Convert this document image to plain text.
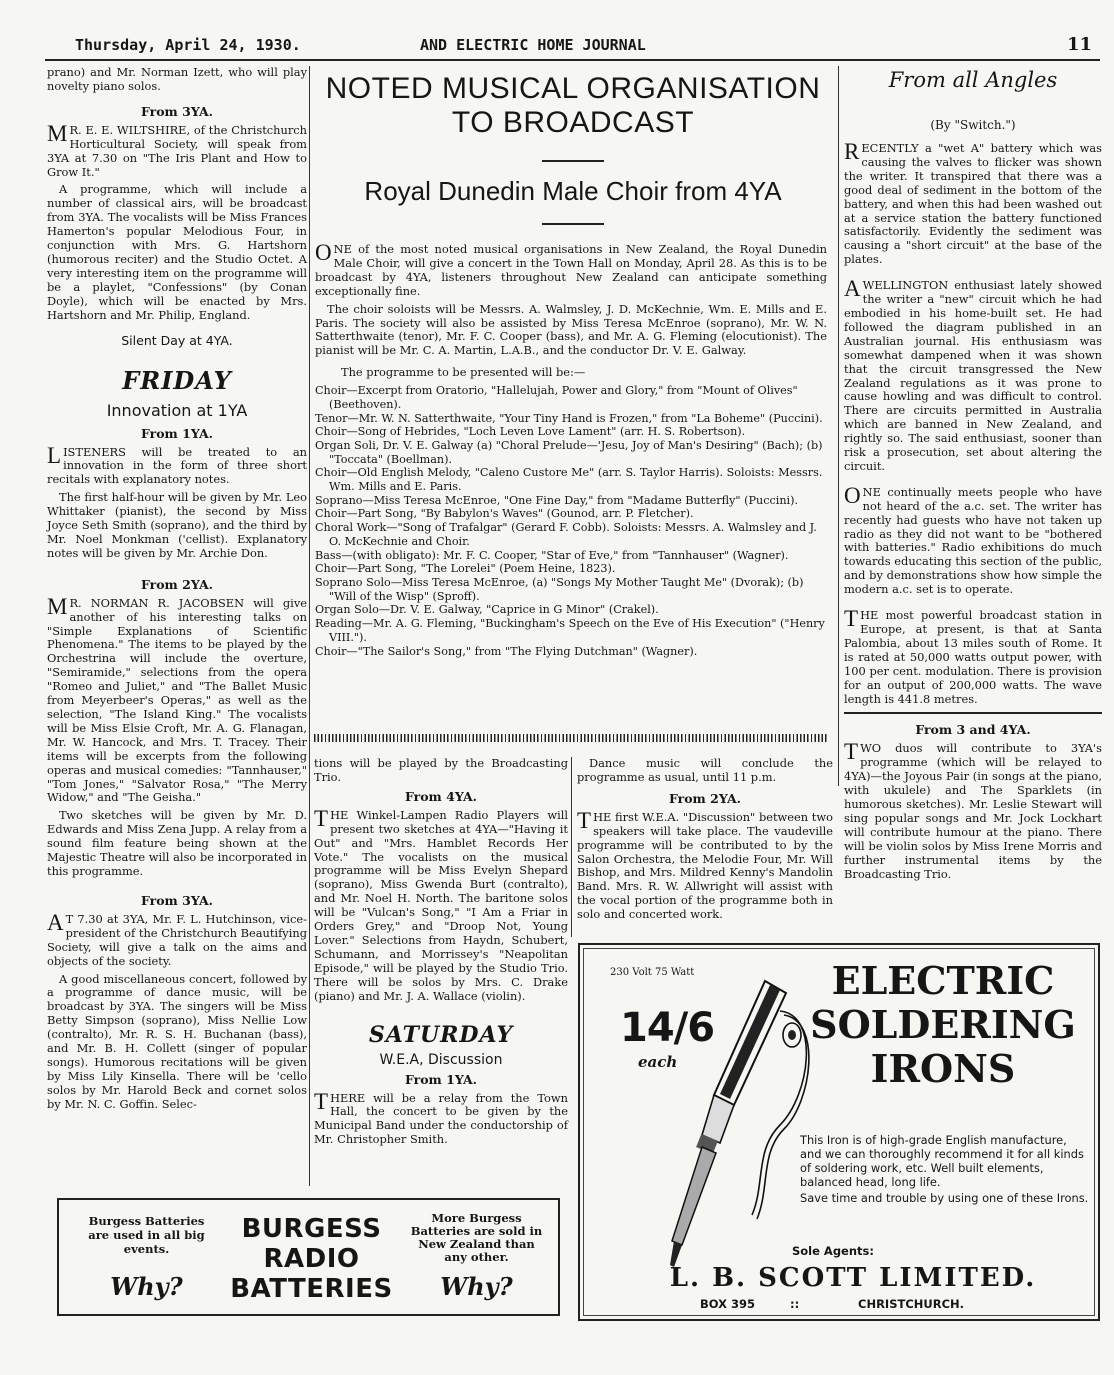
Thursday, April 24, 1930.	AND ELECTRIC HOME JOURNAL	11

prano) and Mr. Norman Izett, who will play novelty piano solos.

From 3YA.

MR. E. E. WILTSHIRE, of the Christchurch Horticultural Society, will speak from 3YA at 7.30 on "The Iris Plant and How to Grow It."

A programme, which will include a number of classical airs, will be broadcast from 3YA. The vocalists will be Miss Frances Hamerton's popular Melodious Four, in conjunction with Mrs. G. Hartshorn (humorous reciter) and the Studio Octet. A very interesting item on the programme will be a playlet, "Confessions" (by Conan Doyle), which will be enacted by Mrs. Hartshorn and Mr. Philip, England.

Silent Day at 4YA.
FRIDAY
Innovation at 1YA
From 1YA.

LISTENERS will be treated to an innovation in the form of three short recitals with explanatory notes.

The first half-hour will be given by Mr. Leo Whittaker (pianist), the second by Miss Joyce Seth Smith (soprano), and the third by Mr. Noel Monkman ('cellist). Explanatory notes will be given by Mr. Archie Don.

From 2YA.

MR. NORMAN R. JACOBSEN will give another of his interesting talks on "Simple Explanations of Scientific Phenomena." The items to be played by the Orchestrina will include the overture, "Semiramide," selections from the opera "Romeo and Juliet," and "The Ballet Music from Meyerbeer's Operas," as well as the selection, "The Island King." The vocalists will be Miss Elsie Croft, Mr. A. G. Flanagan, Mr. W. Hancock, and Mrs. T. Tracey. Their items will be excerpts from the following operas and musical comedies: "Tannhauser," "Tom Jones," "Salvator Rosa," "The Merry Widow," and "The Geisha."

Two sketches will be given by Mr. D. Edwards and Miss Zena Jupp. A relay from a sound film feature being shown at the Majestic Theatre will also be incorporated in this programme.

From 3YA.

AT 7.30 at 3YA, Mr. F. L. Hutchinson, vice-president of the Christchurch Beautifying Society, will give a talk on the aims and objects of the society.

A good miscellaneous concert, followed by a programme of dance music, will be broadcast by 3YA. The singers will be Miss Betty Simpson (soprano), Miss Nellie Low (contralto), Mr. R. S. H. Buchanan (bass), and Mr. B. H. Collett (singer of popular songs). Humorous recitations will be given by Miss Lily Kinsella. There will be 'cello solos by Mr. Harold Beck and cornet solos by Mr. N. C. Goffin. Selec-

NOTED MUSICAL ORGANISATION TO BROADCAST
Royal Dunedin Male Choir from 4YA

ONE of the most noted musical organisations in New Zealand, the Royal Dunedin Male Choir, will give a concert in the Town Hall on Monday, April 28. As this is to be broadcast by 4YA, listeners throughout New Zealand can anticipate something exceptionally fine.

The choir soloists will be Messrs. A. Walmsley, J. D. McKechnie, Wm. E. Mills and E. Paris. The society will also be assisted by Miss Teresa McEnroe (soprano), Mr. W. N. Satterthwaite (tenor), Mr. F. C. Cooper (bass), and Mr. A. G. Fleming (elocutionist). The pianist will be Mr. C. A. Martin, L.A.B., and the conductor Dr. V. E. Galway.

The programme to be presented will be:—

Choir—Excerpt from Oratorio, "Hallelujah, Power and Glory," from "Mount of Olives" (Beethoven).

Tenor—Mr. W. N. Satterthwaite, "Your Tiny Hand is Frozen," from "La Boheme" (Puccini).

Choir—Song of Hebrides, "Loch Leven Love Lament" (arr. H. S. Robertson).

Organ Soli, Dr. V. E. Galway (a) "Choral Prelude—'Jesu, Joy of Man's Desiring" (Bach); (b) "Toccata" (Boellman).

Choir—Old English Melody, "Caleno Custore Me" (arr. S. Taylor Harris). Soloists: Messrs. Wm. Mills and E. Paris.

Soprano—Miss Teresa McEnroe, "One Fine Day," from "Madame Butterfly" (Puccini).

Choir—Part Song, "By Babylon's Waves" (Gounod, arr. P. Fletcher).

Choral Work—"Song of Trafalgar" (Gerard F. Cobb). Soloists: Messrs. A. Walmsley and J. O. McKechnie and Choir.

Bass—(with obligato): Mr. F. C. Cooper, "Star of Eve," from "Tannhauser" (Wagner).

Choir—Part Song, "The Lorelei" (Poem Heine, 1823).

Soprano Solo—Miss Teresa McEnroe, (a) "Songs My Mother Taught Me" (Dvorak); (b) "Will of the Wisp" (Sproff).

Organ Solo—Dr. V. E. Galway, "Caprice in G Minor" (Crakel).

Reading—Mr. A. G. Fleming, "Buckingham's Speech on the Eve of His Execution" ("Henry VIII.").

Choir—"The Sailor's Song," from "The Flying Dutchman" (Wagner).

tions will be played by the Broadcasting Trio.

From 4YA.

THE Winkel-Lampen Radio Players will present two sketches at 4YA—"Having it Out" and "Mrs. Hamblet Records Her Vote." The vocalists on the musical programme will be Miss Evelyn Shepard (soprano), Miss Gwenda Burt (contralto), and Mr. Noel H. North. The baritone solos will be "Vulcan's Song," "I Am a Friar in Orders Grey," and "Droop Not, Young Lover." Selections from Haydn, Schubert, Schumann, and Morrissey's "Neapolitan Episode," will be played by the Studio Trio. There will be solos by Mrs. C. Drake (piano) and Mr. J. A. Wallace (violin).

SATURDAY
W.E.A, Discussion
From 1YA.

THERE will be a relay from the Town Hall, the concert to be given by the Municipal Band under the conductorship of Mr. Christopher Smith.

Dance music will conclude the programme as usual, until 11 p.m.

From 2YA.

THE first W.E.A. "Discussion" between two speakers will take place. The vaudeville programme will be contributed to by the Salon Orchestra, the Melodie Four, Mr. Will Bishop, and Mrs. Mildred Kenny's Mandolin Band. Mrs. R. W. Allwright will assist with the vocal portion of the programme both in solo and concerted work.

From all Angles
(By "Switch.")

RECENTLY a "wet A" battery which was causing the valves to flicker was shown the writer. It transpired that there was a good deal of sediment in the bottom of the battery, and when this had been washed out at a service station the battery functioned satisfactorily. Evidently the sediment was causing a "short circuit" at the base of the plates.

AWELLINGTON enthusiast lately showed the writer a "new" circuit which he had embodied in his home-built set. He had followed the diagram published in an Australian journal. His enthusiasm was somewhat dampened when it was shown that the circuit transgressed the New Zealand regulations as it was prone to cause howling and was difficult to control. There are circuits permitted in Australia which are banned in New Zealand, and rightly so. The said enthusiast, sooner than risk a prosecution, set about altering the circuit.

ONE continually meets people who have not heard of the a.c. set. The writer has recently had guests who have not taken up radio as they did not want to be "bothered with batteries." Radio exhibitions do much towards educating this section of the public, and by demonstrations show how simple the modern a.c. set is to operate.

THE most powerful broadcast station in Europe, at present, is that at Santa Palombia, about 13 miles south of Rome. It is rated at 50,000 watts output power, with 100 per cent. modulation. There is provision for an output of 200,000 watts. The wave length is 441.8 metres.

From 3 and 4YA.

TWO duos will contribute to 3YA's programme (which will be relayed to 4YA)—the Joyous Pair (in songs at the piano, with ukulele) and The Sparklets (in humorous sketches). Mr. Leslie Stewart will sing popular songs and Mr. Jock Lockhart will contribute humour at the piano. There will be violin solos by Miss Irene Morris and further instrumental items by the Broadcasting Trio.

230 Volt 75 Watt
14/6
each
ELECTRIC
SOLDERING
IRONS

This Iron is of high-grade English manufacture, and we can thoroughly recommend it for all kinds of soldering work, etc. Well built elements, balanced head, long life.

Save time and trouble by using one of these Irons.

Sole Agents:
L. B. SCOTT LIMITED.
BOX 395	::	CHRISTCHURCH.
Burgess Batteries are used in all big events.
Why?
BURGESS
RADIO
BATTERIES
More Burgess Batteries are sold in New Zealand than any other.
Why?
